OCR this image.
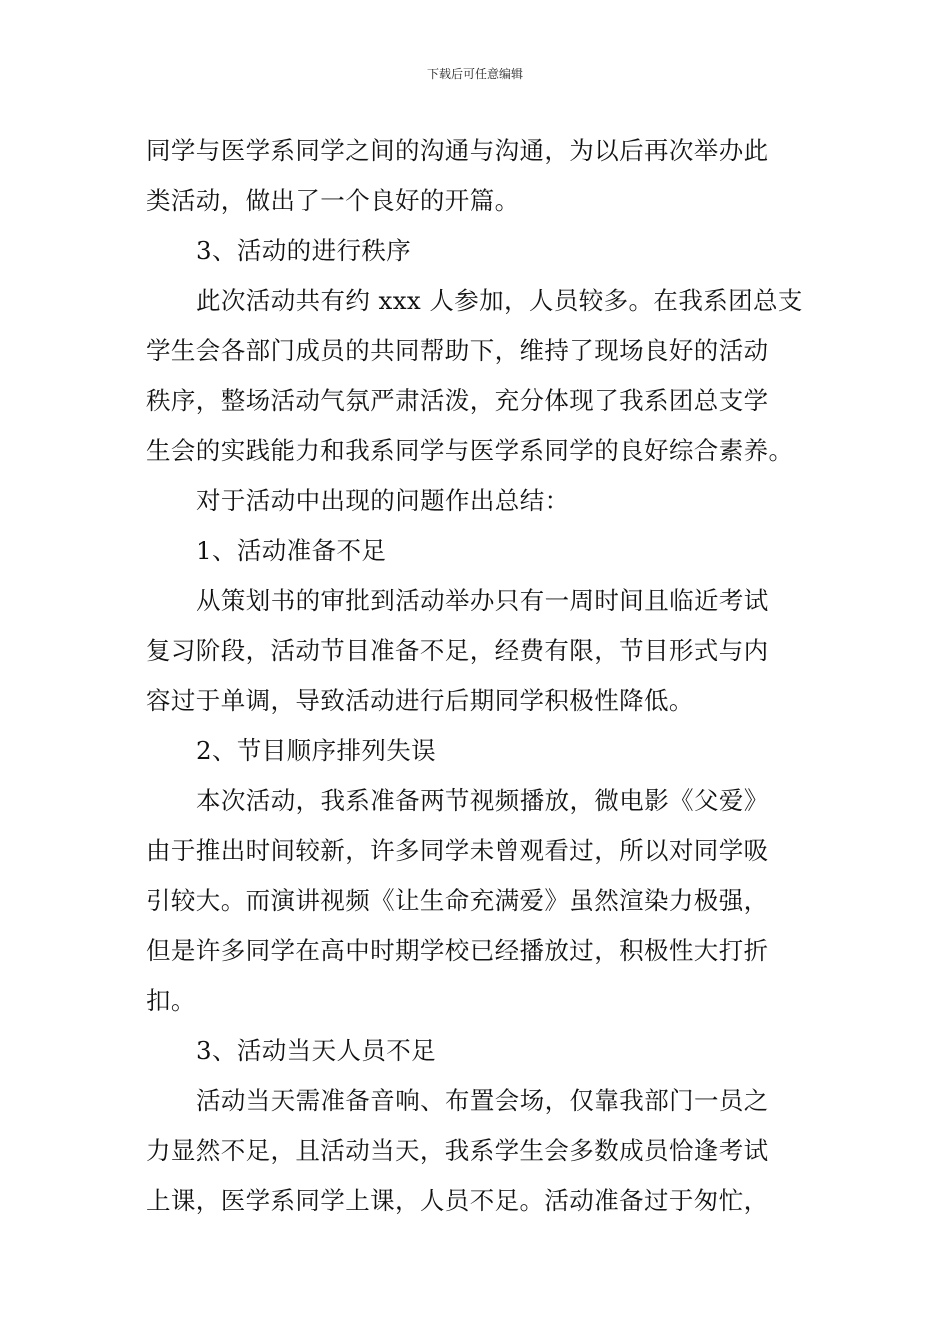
下载后可任意编辑
同学与医学系同学之间的沟通与沟通，为以后再次举办此
类活动，做出了一个良好的开篇。
3、活动的进行秩序
此次活动共有约 xxx 人参加，人员较多。在我系团总支
学生会各部门成员的共同帮助下，维持了现场良好的活动
秩序，整场活动气氛严肃活泼，充分体现了我系团总支学
生会的实践能力和我系同学与医学系同学的良好综合素养。
对于活动中出现的问题作出总结：
1、活动准备不足
从策划书的审批到活动举办只有一周时间且临近考试
复习阶段，活动节目准备不足，经费有限，节目形式与内
容过于单调，导致活动进行后期同学积极性降低。
2、节目顺序排列失误
本次活动，我系准备两节视频播放，微电影《父爱》
由于推出时间较新，许多同学未曾观看过，所以对同学吸
引较大。而演讲视频《让生命充满爱》虽然渲染力极强，
但是许多同学在高中时期学校已经播放过，积极性大打折
扣。
3、活动当天人员不足
活动当天需准备音响、布置会场，仅靠我部门一员之
力显然不足，且活动当天，我系学生会多数成员恰逢考试
上课，医学系同学上课，人员不足。活动准备过于匆忙，
